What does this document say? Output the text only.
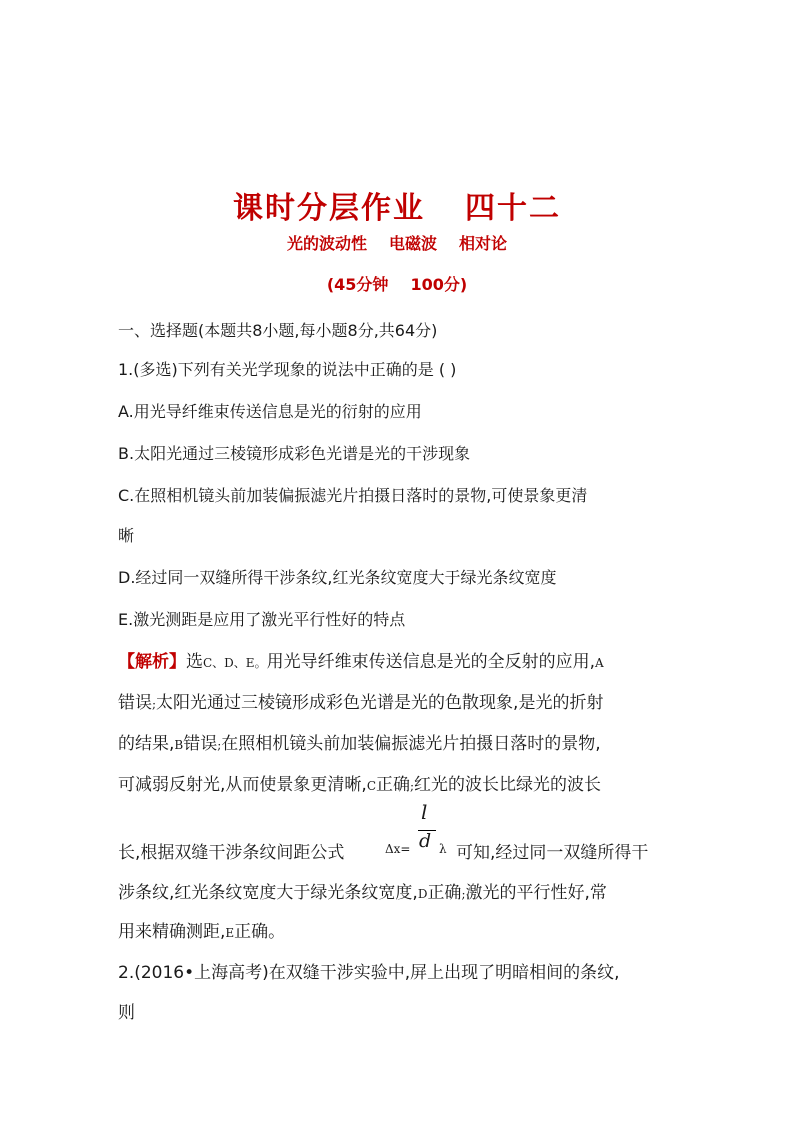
课时分层作业 四十二
光的波动性 电磁波 相对论
(45分钟 100分)
一、选择题(本题共8小题,每小题8分,共64分)
1.(多选)下列有关光学现象的说法中正确的是 ( )
A.用光导纤维束传送信息是光的衍射的应用
B.太阳光通过三棱镜形成彩色光谱是光的干涉现象
C.在照相机镜头前加装偏振滤光片拍摄日落时的景物,可使景象更清
晰
D.经过同一双缝所得干涉条纹,红光条纹宽度大于绿光条纹宽度
E.激光测距是应用了激光平行性好的特点
【解析】选C、D、E。用光导纤维束传送信息是光的全反射的应用,A
错误;太阳光通过三棱镜形成彩色光谱是光的色散现象,是光的折射
的结果,B错误;在照相机镜头前加装偏振滤光片拍摄日落时的景物,
可减弱反射光,从而使景象更清晰,C正确;红光的波长比绿光的波长
长,根据双缝干涉条纹间距公式
l
d
Δx= λ 可知,经过同一双缝所得干
涉条纹,红光条纹宽度大于绿光条纹宽度,D正确;激光的平行性好,常
用来精确测距,E正确。
2.(2016•上海高考)在双缝干涉实验中,屏上出现了明暗相间的条纹,
则
